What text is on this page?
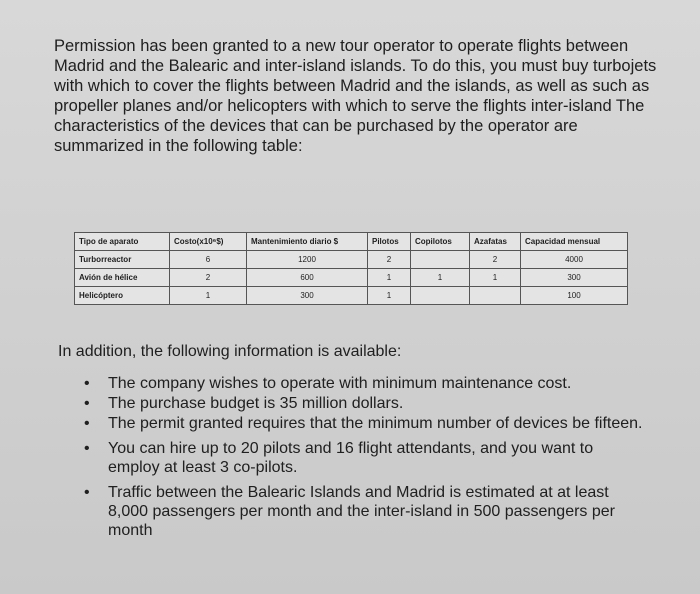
Permission has been granted to a new tour operator to operate flights between Madrid and the Balearic and inter-island islands. To do this, you must buy turbojets with which to cover the flights between Madrid and the islands, as well as such as propeller planes and/or helicopters with which to serve the flights inter-island The characteristics of the devices that can be purchased by the operator are summarized in the following table:

Tipo de aparato	Costo(x10⁶$)	Mantenimiento diario $	Pilotos	Copilotos	Azafatas	Capacidad mensual
Turborreactor	6	1200	2		2	4000
Avión de hélice	2	600	1	1	1	300
Helicóptero	1	300	1			100

In addition, the following information is available:

• The company wishes to operate with minimum maintenance cost.
• The purchase budget is 35 million dollars.
• The permit granted requires that the minimum number of devices be fifteen.
• You can hire up to 20 pilots and 16 flight attendants, and you want to employ at least 3 co-pilots.
• Traffic between the Balearic Islands and Madrid is estimated at at least 8,000 passengers per month and the inter-island in 500 passengers per month
